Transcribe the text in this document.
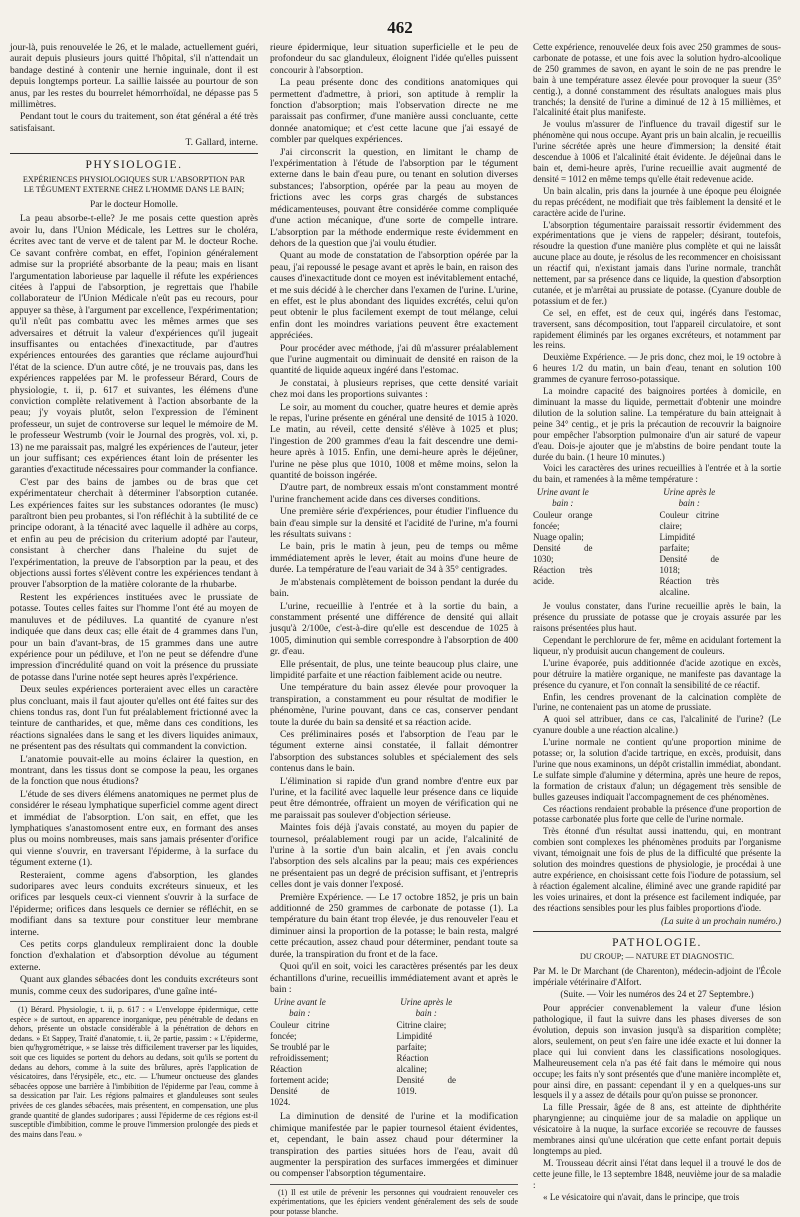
462

jour-là, puis renouvelée le 26, et le malade, actuellement guéri, aurait depuis plusieurs jours quitté l'hôpital, s'il n'attendait un bandage destiné à contenir une hernie inguinale, dont il est depuis longtemps porteur. La saillie laissée au pourtour de son anus, par les restes du bourrelet hémorrhoïdal, ne dépasse pas 5 millimètres.

Pendant tout le cours du traitement, son état général a été très satisfaisant.

T. Gallard, interne.
PHYSIOLOGIE.
EXPÉRIENCES PHYSIOLOGIQUES SUR L'ABSORPTION PAR LE TÉGUMENT EXTERNE CHEZ L'HOMME DANS LE BAIN;
Par le docteur Homolle.

La peau absorbe-t-elle? Je me posais cette question après avoir lu, dans l'Union Médicale, les Lettres sur le choléra, écrites avec tant de verve et de talent par M. le docteur Roche. Ce savant confrère combat, en effet, l'opinion généralement admise sur la propriété absorbante de la peau; mais en lisant l'argumentation laborieuse par laquelle il réfute les expériences citées à l'appui de l'absorption, je regrettais que l'habile collaborateur de l'Union Médicale n'eût pas eu recours, pour appuyer sa thèse, à l'argument par excellence, l'expérimentation; qu'il n'eût pas combattu avec les mêmes armes que ses adversaires et détruit la valeur d'expériences qu'il jugeait insuffisantes ou entachées d'inexactitude, par d'autres expériences entourées des garanties que réclame aujourd'hui l'état de la science. D'un autre côté, je ne trouvais pas, dans les expériences rappelées par M. le professeur Bérard, Cours de physiologie, t. ii, p. 617 et suivantes, les élémens d'une conviction complète relativement à l'action absorbante de la peau; j'y voyais plutôt, selon l'expression de l'éminent professeur, un sujet de controverse sur lequel le mémoire de M. le professeur Westrumb (voir le Journal des progrès, vol. xi, p. 13) ne me paraissait pas, malgré les expériences de l'auteur, jeter un jour suffisant; ces expériences étant loin de présenter les garanties d'exactitude nécessaires pour commander la confiance.

C'est par des bains de jambes ou de bras que cet expérimentateur cherchait à déterminer l'absorption cutanée. Les expériences faites sur les substances odorantes (le musc) paraîtront bien peu probantes, si l'on réfléchit à la subtilité de ce principe odorant, à la ténacité avec laquelle il adhère au corps, et enfin au peu de précision du criterium adopté par l'auteur, consistant à chercher dans l'haleine du sujet de l'expérimentation, la preuve de l'absorption par la peau, et des objections aussi fortes s'élèvent contre les expériences tendant à prouver l'absorption de la matière colorante de la rhubarbe.

Restent les expériences instituées avec le prussiate de potasse. Toutes celles faites sur l'homme l'ont été au moyen de manuluves et de pédiluves. La quantité de cyanure n'est indiquée que dans deux cas; elle était de 4 grammes dans l'un, pour un bain d'avant-bras, de 15 grammes dans une autre expérience pour un pédiluve, et l'on ne peut se défendre d'une impression d'incrédulité quand on voit la présence du prussiate de potasse dans l'urine notée sept heures après l'expérience.

Deux seules expériences porteraient avec elles un caractère plus concluant, mais il faut ajouter qu'elles ont été faites sur des chiens tondus ras, dont l'un fut préalablement frictionné avec la teinture de cantharides, et que, même dans ces conditions, les réactions signalées dans le sang et les divers liquides animaux, ne présentent pas des résultats qui commandent la conviction.

L'anatomie pouvait-elle au moins éclairer la question, en montrant, dans les tissus dont se compose la peau, les organes de la fonction que nous étudions?

L'étude de ses divers élémens anatomiques ne permet plus de considérer le réseau lymphatique superficiel comme agent direct et immédiat de l'absorption. L'on sait, en effet, que les lymphatiques s'anastomosent entre eux, en formant des anses plus ou moins nombreuses, mais sans jamais présenter d'orifice qui vienne s'ouvrir, en traversant l'épiderme, à la surface du tégument externe (1).

Resteraient, comme agens d'absorption, les glandes sudoripares avec leurs conduits excréteurs sinueux, et les orifices par lesquels ceux-ci viennent s'ouvrir à la surface de l'épiderme; orifices dans lesquels ce dernier se réfléchit, en se modifiant dans sa texture pour constituer leur membrane interne.

Ces petits corps glanduleux rempliraient donc la double fonction d'exhalation et d'absorption dévolue au tégument externe.

Quant aux glandes sébacées dont les conduits excréteurs sont munis, comme ceux des sudoripares, d'une gaîne inté-

(1) Bérard. Physiologie, t. ii, p. 617 : « L'enveloppe épidermique, cette espèce » de surtout, en apparence inorganique, peu pénétrable de dedans en dehors, présente un obstacle considérable à la pénétration de dehors en dedans. » Et Sappey, Traité d'anatomie, t. ii, 2e partie, passim : « L'épiderme, bien qu'hygrométrique, » se laisse très difficilement traverser par les liquides, soit que ces liquides se portent du dehors au dedans, soit qu'ils se portent du dedans au dehors, comme à la suite des brûlures, après l'application de vésicatoires, dans l'érysipèle, etc., etc. — L'humeur onctueuse des glandes sébacées oppose une barrière à l'imbibition de l'épiderme par l'eau, comme à sa dessication par l'air. Les régions palmaires et glanduleuses sont seules privées de ces glandes sébacées, mais présentent, en compensation, une plus grande quantité de glandes sudoripares ; aussi l'épiderme de ces régions est-il susceptible d'imbibition, comme le prouve l'immersion prolongée des pieds et des mains dans l'eau. »

rieure épidermique, leur situation superficielle et le peu de profondeur du sac glanduleux, éloignent l'idée qu'elles puissent concourir à l'absorption.

La peau présente donc des conditions anatomiques qui permettent d'admettre, à priori, son aptitude à remplir la fonction d'absorption; mais l'observation directe ne me paraissait pas confirmer, d'une manière aussi concluante, cette donnée anatomique; et c'est cette lacune que j'ai essayé de combler par quelques expériences.

J'ai circonscrit la question, en limitant le champ de l'expérimentation à l'étude de l'absorption par le tégument externe dans le bain d'eau pure, ou tenant en solution diverses substances; l'absorption, opérée par la peau au moyen de frictions avec les corps gras chargés de substances médicamenteuses, pouvant être considérée comme compliquée d'une action mécanique, d'une sorte de compelle intrare. L'absorption par la méthode endermique reste évidemment en dehors de la question que j'ai voulu étudier.

Quant au mode de constatation de l'absorption opérée par la peau, j'ai repoussé le pesage avant et après le bain, en raison des causes d'inexactitude dont ce moyen est inévitablement entaché, et me suis décidé à le chercher dans l'examen de l'urine. L'urine, en effet, est le plus abondant des liquides excrétés, celui qu'on peut obtenir le plus facilement exempt de tout mélange, celui enfin dont les moindres variations peuvent être exactement appréciées.

Pour procéder avec méthode, j'ai dû m'assurer préalablement que l'urine augmentait ou diminuait de densité en raison de la quantité de liquide aqueux ingéré dans l'estomac.

Je constatai, à plusieurs reprises, que cette densité variait chez moi dans les proportions suivantes :

Le soir, au moment du coucher, quatre heures et demie après le repas, l'urine présente en général une densité de 1015 à 1020. Le matin, au réveil, cette densité s'élève à 1025 et plus; l'ingestion de 200 grammes d'eau la fait descendre une demi-heure après à 1015. Enfin, une demi-heure après le déjeûner, l'urine ne pèse plus que 1010, 1008 et même moins, selon la quantité de boisson ingérée.

D'autre part, de nombreux essais m'ont constamment montré l'urine franchement acide dans ces diverses conditions.

Une première série d'expériences, pour étudier l'influence du bain d'eau simple sur la densité et l'acidité de l'urine, m'a fourni les résultats suivans :

Le bain, pris le matin à jeun, peu de temps ou même immédiatement après le lever, était au moins d'une heure de durée. La température de l'eau variait de 34 à 35° centigrades.

Je m'abstenais complètement de boisson pendant la durée du bain.

L'urine, recueillie à l'entrée et à la sortie du bain, a constamment présenté une différence de densité qui allait jusqu'à 2/100e, c'est-à-dire qu'elle est descendue de 1025 à 1005, diminution qui semble correspondre à l'absorption de 400 gr. d'eau.

Elle présentait, de plus, une teinte beaucoup plus claire, une limpidité parfaite et une réaction faiblement acide ou neutre.

Une température du bain assez élevée pour provoquer la transpiration, a constamment eu pour résultat de modifier le phénomène, l'urine pouvant, dans ce cas, conserver pendant toute la durée du bain sa densité et sa réaction acide.

Ces préliminaires posés et l'absorption de l'eau par le tégument externe ainsi constatée, il fallait démontrer l'absorption des substances solubles et spécialement des sels contenus dans le bain.

L'élimination si rapide d'un grand nombre d'entre eux par l'urine, et la facilité avec laquelle leur présence dans ce liquide peut être démontrée, offraient un moyen de vérification qui ne me paraissait pas soulever d'objection sérieuse.

Maintes fois déjà j'avais constaté, au moyen du papier de tournesol, préalablement rougi par un acide, l'alcalinité de l'urine à la sortie d'un bain alcalin, et j'en avais conclu l'absorption des sels alcalins par la peau; mais ces expériences ne présentaient pas un degré de précision suffisant, et j'entrepris celles dont je vais donner l'exposé.

Première Expérience. — Le 17 octobre 1852, je pris un bain additionné de 250 grammes de carbonate de potasse (1). La température du bain étant trop élevée, je dus renouveler l'eau et diminuer ainsi la proportion de la potasse; le bain resta, malgré cette précaution, assez chaud pour déterminer, pendant toute sa durée, la transpiration du front et de la face.

Quoi qu'il en soit, voici les caractères présentés par les deux échantillons d'urine, recueillis immédiatement avant et après le bain :

Urine avant le bain :
Couleur citrine foncée;
Se troublé par le refroidissement;
Réaction fortement acide;
Densité de 1024.
Urine après le bain :
Citrine claire;
Limpidité parfaite;
Réaction alcaline;
Densité de 1019.

La diminution de densité de l'urine et la modification chimique manifestée par le papier tournesol étaient évidentes, et, cependant, le bain assez chaud pour déterminer la transpiration des parties situées hors de l'eau, avait dû augmenter la perspiration des surfaces immergées et diminuer ou compenser l'absorption tégumentaire.

(1) Il est utile de prévenir les personnes qui voudraient renouveler ces expérimentations, que les épiciers vendent généralement des sels de soude pour potasse blanche.

Cette expérience, renouvelée deux fois avec 250 grammes de sous-carbonate de potasse, et une fois avec la solution hydro-alcoolique de 250 grammes de savon, en ayant le soin de ne pas prendre le bain à une température assez élevée pour provoquer la sueur (35° centig.), a donné constamment des résultats analogues mais plus tranchés; la densité de l'urine a diminué de 12 à 15 millièmes, et l'alcalinité était plus manifeste.

Je voulus m'assurer de l'influence du travail digestif sur le phénomène qui nous occupe. Ayant pris un bain alcalin, je recueillis l'urine sécrétée après une heure d'immersion; la densité était descendue à 1006 et l'alcalinité était évidente. Je déjeûnai dans le bain et, demi-heure après, l'urine recueillie avait augmenté de densité = 1012 en même temps qu'elle était redevenue acide.

Un bain alcalin, pris dans la journée à une époque peu éloignée du repas précédent, ne modifiait que très faiblement la densité et le caractère acide de l'urine.

L'absorption tégumentaire paraissait ressortir évidemment des expérimentations que je viens de rappeler; désirant, toutefois, résoudre la question d'une manière plus complète et qui ne laissât aucune place au doute, je résolus de les recommencer en choisissant un réactif qui, n'existant jamais dans l'urine normale, tranchât nettement, par sa présence dans ce liquide, la question d'absorption cutanée, et je m'arrêtai au prussiate de potasse. (Cyanure double de potassium et de fer.)

Ce sel, en effet, est de ceux qui, ingérés dans l'estomac, traversent, sans décomposition, tout l'appareil circulatoire, et sont rapidement éliminés par les organes excréteurs, et notamment par les reins.

Deuxième Expérience. — Je pris donc, chez moi, le 19 octobre à 6 heures 1/2 du matin, un bain d'eau, tenant en solution 100 grammes de cyanure ferroso-potassique.

La moindre capacité des baignoires portées à domicile, en diminuant la masse du liquide, permettait d'obtenir une moindre dilution de la solution saline. La température du bain atteignait à peine 34° centig., et je pris la précaution de recouvrir la baignoire pour empêcher l'absorption pulmonaire d'un air saturé de vapeur d'eau. Dois-je ajouter que je m'abstins de boire pendant toute la durée du bain. (1 heure 10 minutes.)

Voici les caractères des urines recueillies à l'entrée et à la sortie du bain, et ramenées à la même température :

Urine avant le bain :
Couleur orange foncée;
Nuage opalin;
Densité de 1030;
Réaction très acide.
Urine après le bain :
Couleur citrine claire;
Limpidité parfaite;
Densité de 1018;
Réaction très alcaline.

Je voulus constater, dans l'urine recueillie après le bain, la présence du prussiate de potasse que je croyais assurée par les raisons présentées plus haut.

Cependant le perchlorure de fer, même en acidulant fortement la liqueur, n'y produisit aucun changement de couleurs.

L'urine évaporée, puis additionnée d'acide azotique en excès, pour détruire la matière organique, ne manifeste pas davantage la présence du cyanure, et l'on connaît la sensibilité de ce réactif.

Enfin, les cendres provenant de la calcination complète de l'urine, ne contenaient pas un atome de prussiate.

A quoi sel attribuer, dans ce cas, l'alcalinité de l'urine? (Le cyanure double a une réaction alcaline.)

L'urine normale ne contient qu'une proportion minime de potasse; or, la solution d'acide tartrique, en excès, produisit, dans l'urine que nous examinons, un dépôt cristallin immédiat, abondant. Le sulfate simple d'alumine y détermina, après une heure de repos, la formation de cristaux d'alun; un dégagement très sensible de bulles gazeuses indiquait l'accompagnement de ces phénomènes.

Ces réactions rendaient probable la présence d'une proportion de potasse carbonatée plus forte que celle de l'urine normale.

Très étonné d'un résultat aussi inattendu, qui, en montrant combien sont complexes les phénomènes produits par l'organisme vivant, témoignait une fois de plus de la difficulté que présente la solution des moindres questions de physiologie, je procédai à une autre expérience, en choisissant cette fois l'iodure de potassium, sel à réaction également alcaline, éliminé avec une grande rapidité par les voies urinaires, et dont la présence est facilement indiquée, par des réactions sensibles pour les plus faibles proportions d'iode.

(La suite à un prochain numéro.)
PATHOLOGIE.
DU CROUP; — NATURE ET DIAGNOSTIC.

Par M. le Dr Marchant (de Charenton), médecin-adjoint de l'École impériale vétérinaire d'Alfort.

(Suite. — Voir les numéros des 24 et 27 Septembre.)

Pour apprécier convenablement la valeur d'une lésion pathologique, il faut la suivre dans les phases diverses de son évolution, depuis son invasion jusqu'à sa disparition complète; alors, seulement, on peut s'en faire une idée exacte et lui donner la place qui lui convient dans les classifications nosologiques. Malheureusement cela n'a pas été fait dans le mémoire qui nous occupe; les faits n'y sont présentés que d'une manière incomplète et, pour ainsi dire, en passant: cependant il y en a quelques-uns sur lesquels il y a assez de détails pour qu'on puisse se prononcer.

La fille Pressair, âgée de 8 ans, est atteinte de diphthérite pharyngienne; au cinquième jour de sa maladie on applique un vésicatoire à la nuque, la surface excoriée se recouvre de fausses membranes ainsi qu'une ulcération que cette enfant portait depuis longtemps au pied.

M. Trousseau décrit ainsi l'état dans lequel il a trouvé le dos de cette jeune fille, le 13 septembre 1848, neuvième jour de sa maladie :

« Le vésicatoire qui n'avait, dans le principe, que trois
